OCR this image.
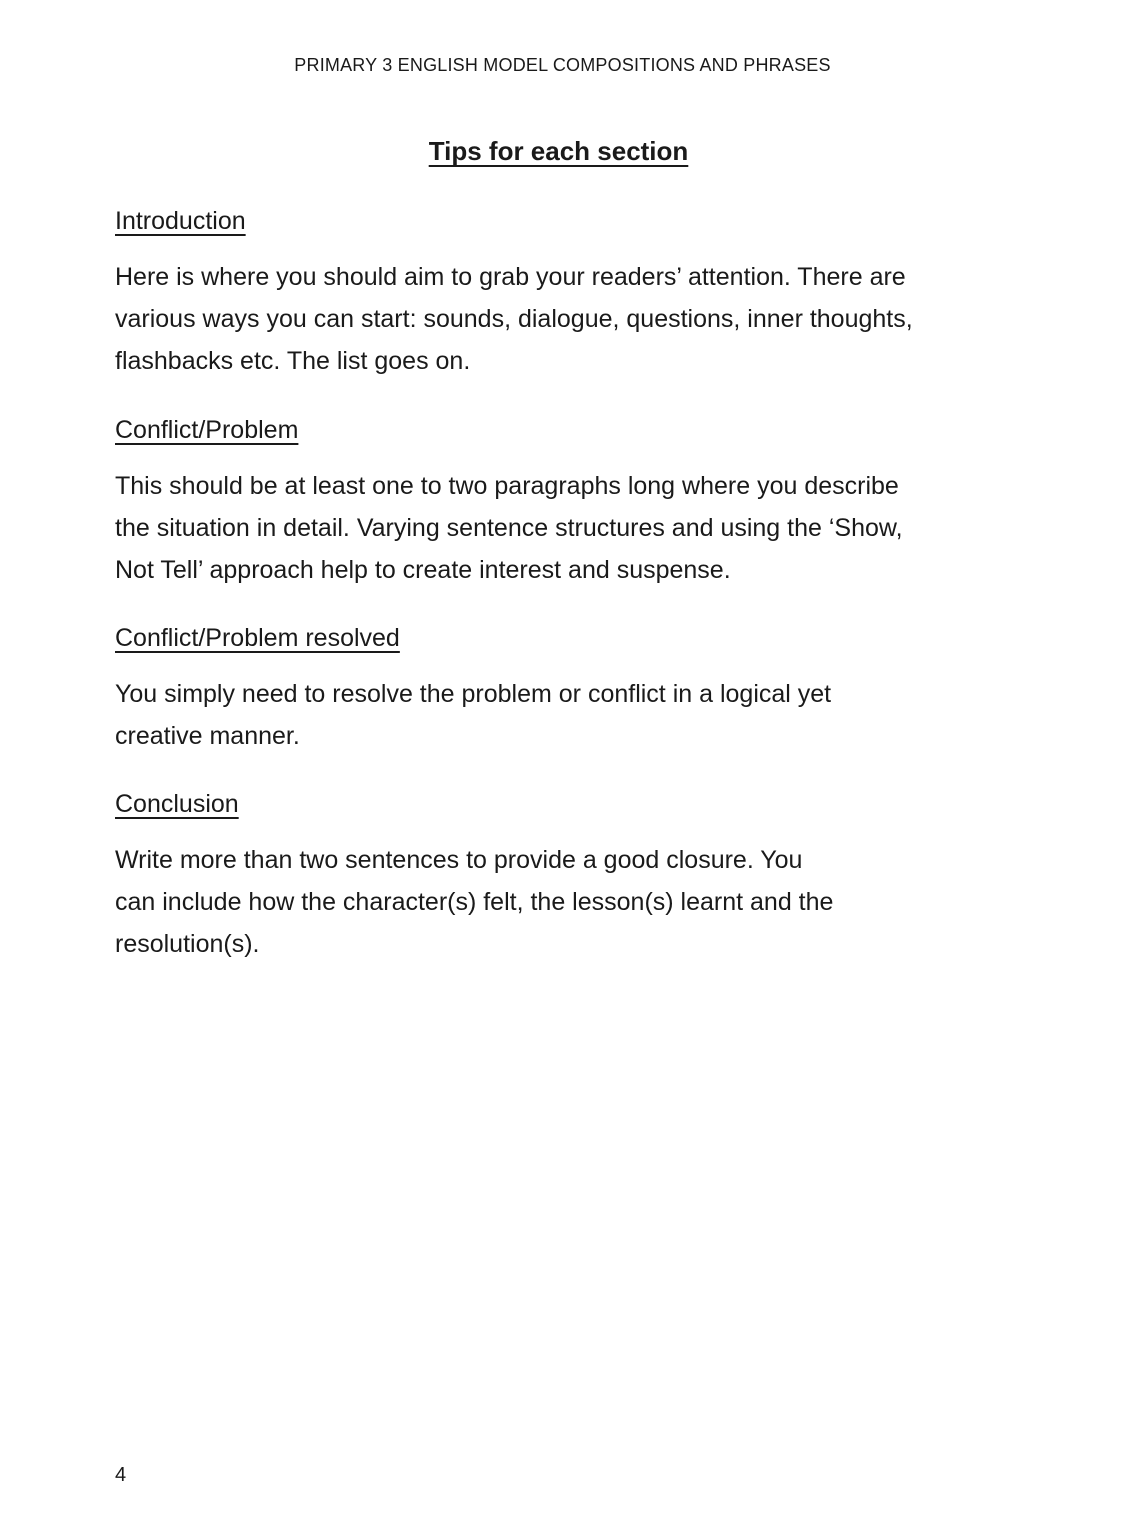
PRIMARY 3 ENGLISH MODEL COMPOSITIONS AND PHRASES
Tips for each section
Introduction
Here is where you should aim to grab your readers’ attention. There are
various ways you can start: sounds, dialogue, questions, inner thoughts,
flashbacks etc. The list goes on.
Conflict/Problem
This should be at least one to two paragraphs long where you describe
the situation in detail. Varying sentence structures and using the ‘Show,
Not Tell’ approach help to create interest and suspense.
Conflict/Problem resolved
You simply need to resolve the problem or conflict in a logical yet
creative manner.
Conclusion
Write more than two sentences to provide a good closure. You
can include how the character(s) felt, the lesson(s) learnt and the
resolution(s).
4
